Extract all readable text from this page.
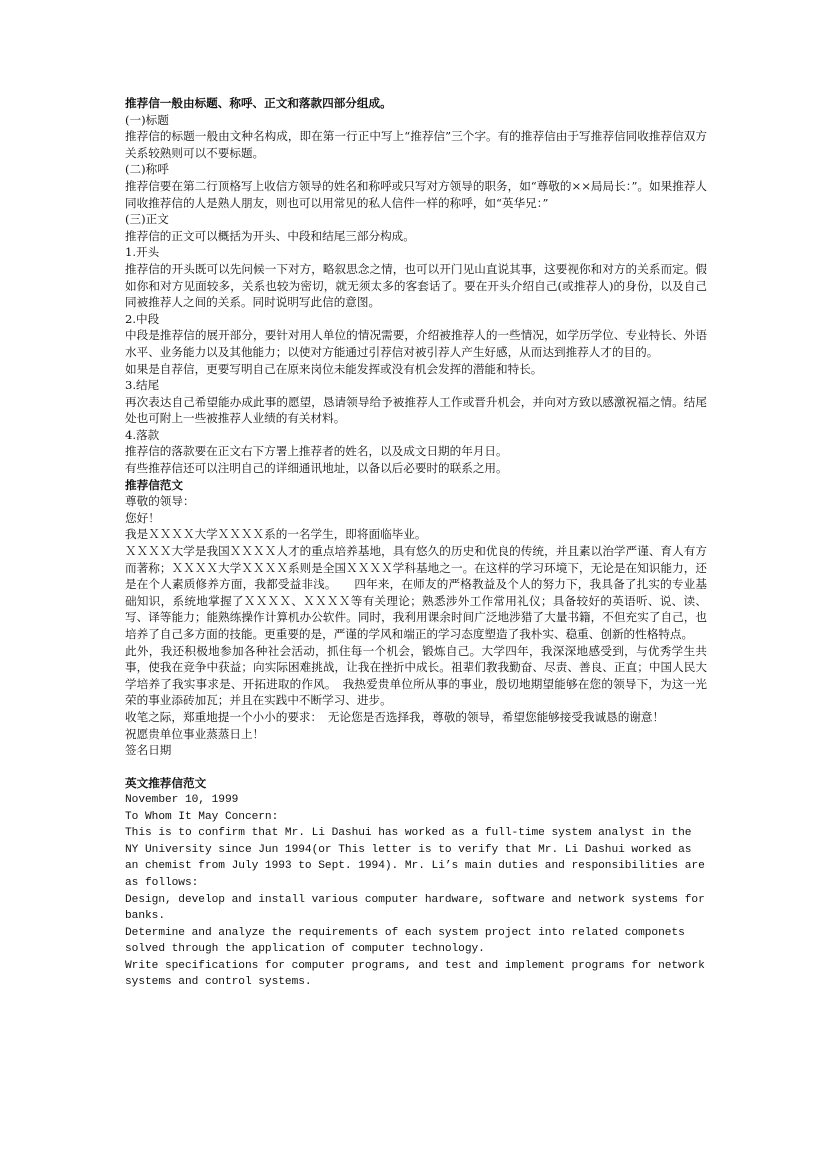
推荐信一般由标题、称呼、正文和落款四部分组成。

(一)标题

推荐信的标题一般由文种名构成，即在第一行正中写上“推荐信”三个字。有的推荐信由于写推荐信同收推荐信双方关系较熟则可以不要标题。

(二)称呼

推荐信要在第二行顶格写上收信方领导的姓名和称呼或只写对方领导的职务，如“尊敬的××局局长：”。如果推荐人同收推荐信的人是熟人朋友，则也可以用常见的私人信件一样的称呼，如“英华兄：”

(三)正文

推荐信的正文可以概括为开头、中段和结尾三部分构成。

1.开头

推荐信的开头既可以先问候一下对方，略叙思念之情，也可以开门见山直说其事，这要视你和对方的关系而定。假如你和对方见面较多，关系也较为密切，就无须太多的客套话了。要在开头介绍自己(或推荐人)的身份，以及自己同被推荐人之间的关系。同时说明写此信的意图。

2.中段

中段是推荐信的展开部分，要针对用人单位的情况需要，介绍被推荐人的一些情况，如学历学位、专业特长、外语水平、业务能力以及其他能力；以使对方能通过引荐信对被引荐人产生好感，从而达到推荐人才的目的。

如果是自荐信，更要写明自己在原来岗位未能发挥或没有机会发挥的潜能和特长。

3.结尾

再次表达自己希望能办成此事的愿望，恳请领导给予被推荐人工作或晋升机会，并向对方致以感激祝福之情。结尾处也可附上一些被推荐人业绩的有关材料。

4.落款

推荐信的落款要在正文右下方署上推荐者的姓名，以及成文日期的年月日。

有些推荐信还可以注明自己的详细通讯地址，以备以后必要时的联系之用。

推荐信范文

尊敬的领导：

您好！

我是ＸＸＸＸ大学ＸＸＸＸ系的一名学生，即将面临毕业。

ＸＸＸＸ大学是我国ＸＸＸＸ人才的重点培养基地，具有悠久的历史和优良的传统，并且素以治学严谨、育人有方而著称；ＸＸＸＸ大学ＸＸＸＸ系则是全国ＸＸＸＸ学科基地之一。在这样的学习环境下，无论是在知识能力，还是在个人素质修养方面，我都受益非浅。　　四年来，在师友的严格教益及个人的努力下，我具备了扎实的专业基础知识，系统地掌握了ＸＸＸＸ、ＸＸＸＸ等有关理论；熟悉涉外工作常用礼仪；具备较好的英语听、说、读、写、译等能力；能熟练操作计算机办公软件。同时，我利用课余时间广泛地涉猎了大量书籍，不但充实了自己，也培养了自己多方面的技能。更重要的是，严谨的学风和端正的学习态度塑造了我朴实、稳重、创新的性格特点。

此外，我还积极地参加各种社会活动，抓住每一个机会，锻炼自己。大学四年，我深深地感受到，与优秀学生共事，使我在竞争中获益；向实际困难挑战，让我在挫折中成长。祖辈们教我勤奋、尽责、善良、正直；中国人民大学培养了我实事求是、开拓进取的作风。　我热爱贵单位所从事的事业，殷切地期望能够在您的领导下，为这一光荣的事业添砖加瓦；并且在实践中不断学习、进步。

收笔之际，郑重地提一个小小的要求：　无论您是否选择我，尊敬的领导，希望您能够接受我诚恳的谢意！

祝愿贵单位事业蒸蒸日上！

签名日期

英文推荐信范文

November 10, 1999

To Whom It May Concern:

This is to confirm that Mr. Li Dashui has worked as a full-time system analyst in the NY University since Jun 1994(or This letter is to verify that Mr. Li Dashui worked as an chemist from July 1993 to Sept. 1994). Mr. Li’s main duties and responsibilities are as follows:

Design, develop and install various computer hardware, software and network systems for banks.

Determine and analyze the requirements of each system project into related componets solved through the application of computer technology.

Write specifications for computer programs, and test and implement programs for network systems and control systems.
